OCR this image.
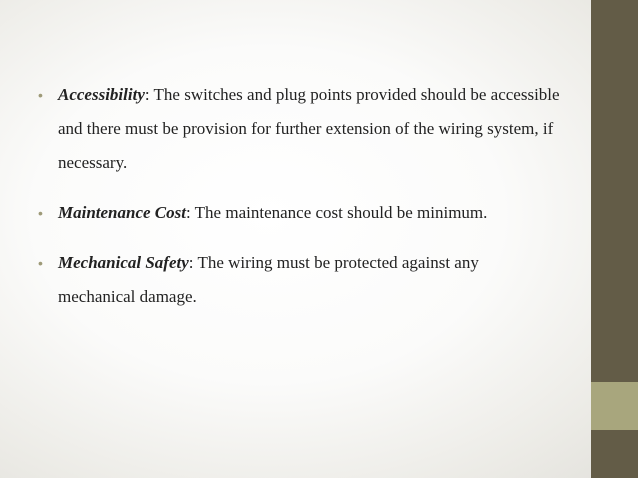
• Accessibility: The switches and plug points provided should be accessible and there must be provision for further extension of the wiring system, if necessary.

• Maintenance Cost: The maintenance cost should be minimum.

• Mechanical Safety: The wiring must be protected against any mechanical damage.
